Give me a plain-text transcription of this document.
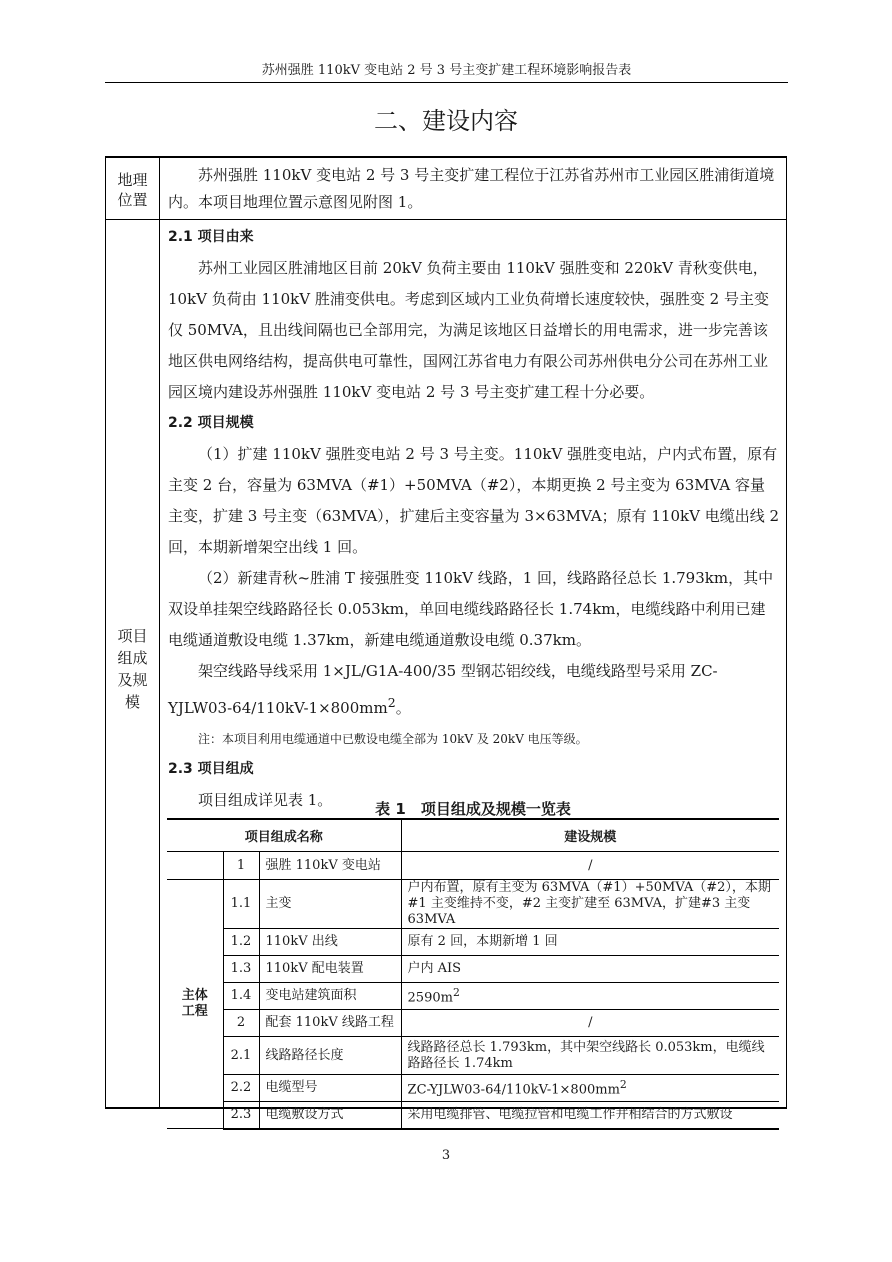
苏州强胜 110kV 变电站 2 号 3 号主变扩建工程环境影响报告表
二、建设内容
地理
位置
苏州强胜 110kV 变电站 2 号 3 号主变扩建工程位于江苏省苏州市工业园区胜浦街道境内。本项目地理位置示意图见附图 1。
项目
组成
及规
模
2.1 项目由来
苏州工业园区胜浦地区目前 20kV 负荷主要由 110kV 强胜变和 220kV 青秋变供电，10kV 负荷由 110kV 胜浦变供电。考虑到区域内工业负荷增长速度较快，强胜变 2 号主变仅 50MVA，且出线间隔也已全部用完，为满足该地区日益增长的用电需求，进一步完善该地区供电网络结构，提高供电可靠性，国网江苏省电力有限公司苏州供电分公司在苏州工业园区境内建设苏州强胜 110kV 变电站 2 号 3 号主变扩建工程十分必要。
2.2 项目规模
（1）扩建 110kV 强胜变电站 2 号 3 号主变。110kV 强胜变电站，户内式布置，原有主变 2 台，容量为 63MVA（#1）+50MVA（#2），本期更换 2 号主变为 63MVA 容量主变，扩建 3 号主变（63MVA），扩建后主变容量为 3×63MVA；原有 110kV 电缆出线 2 回，本期新增架空出线 1 回。
（2）新建青秋~胜浦 T 接强胜变 110kV 线路，1 回，线路路径总长 1.793km，其中双设单挂架空线路路径长 0.053km，单回电缆线路路径长 1.74km，电缆线路中利用已建电缆通道敷设电缆 1.37km，新建电缆通道敷设电缆 0.37km。
架空线路导线采用 1×JL/G1A-400/35 型钢芯铝绞线，电缆线路型号采用 $ZC-YJLW03-64/110kV-1\times 800mm^2$。
注：本项目利用电缆通道中已敷设电缆全部为 10kV 及 20kV 电压等级。
2.3 项目组成
项目组成详见表 1。	表 1　项目组成及规模一览表
项目组成名称			建设规模
	1	强胜 110kV 变电站	/

主体工程	1.1	主变	户内布置，原有主变为 63MVA（#1）+50MVA（#2），本期#1 主变维持不变，#2 主变扩建至 63MVA，扩建#3 主变 63MVA
	1.2	110kV 出线	原有 2 回，本期新增 1 回
	1.3	110kV 配电装置	户内 AIS
	1.4	变电站建筑面积	$2590m^2$
	2	配套 110kV 线路工程	/
	2.1	线路路径长度	线路路径总长 1.793km，其中架空线路长 0.053km，电缆线路路径长 1.74km
	2.2	电缆型号	$ZC-YJLW03-64/110kV-1\times 800mm^2$
	2.3	电缆敷设方式	采用电缆排管、电缆拉管和电缆工作井相结合的方式敷设
3
